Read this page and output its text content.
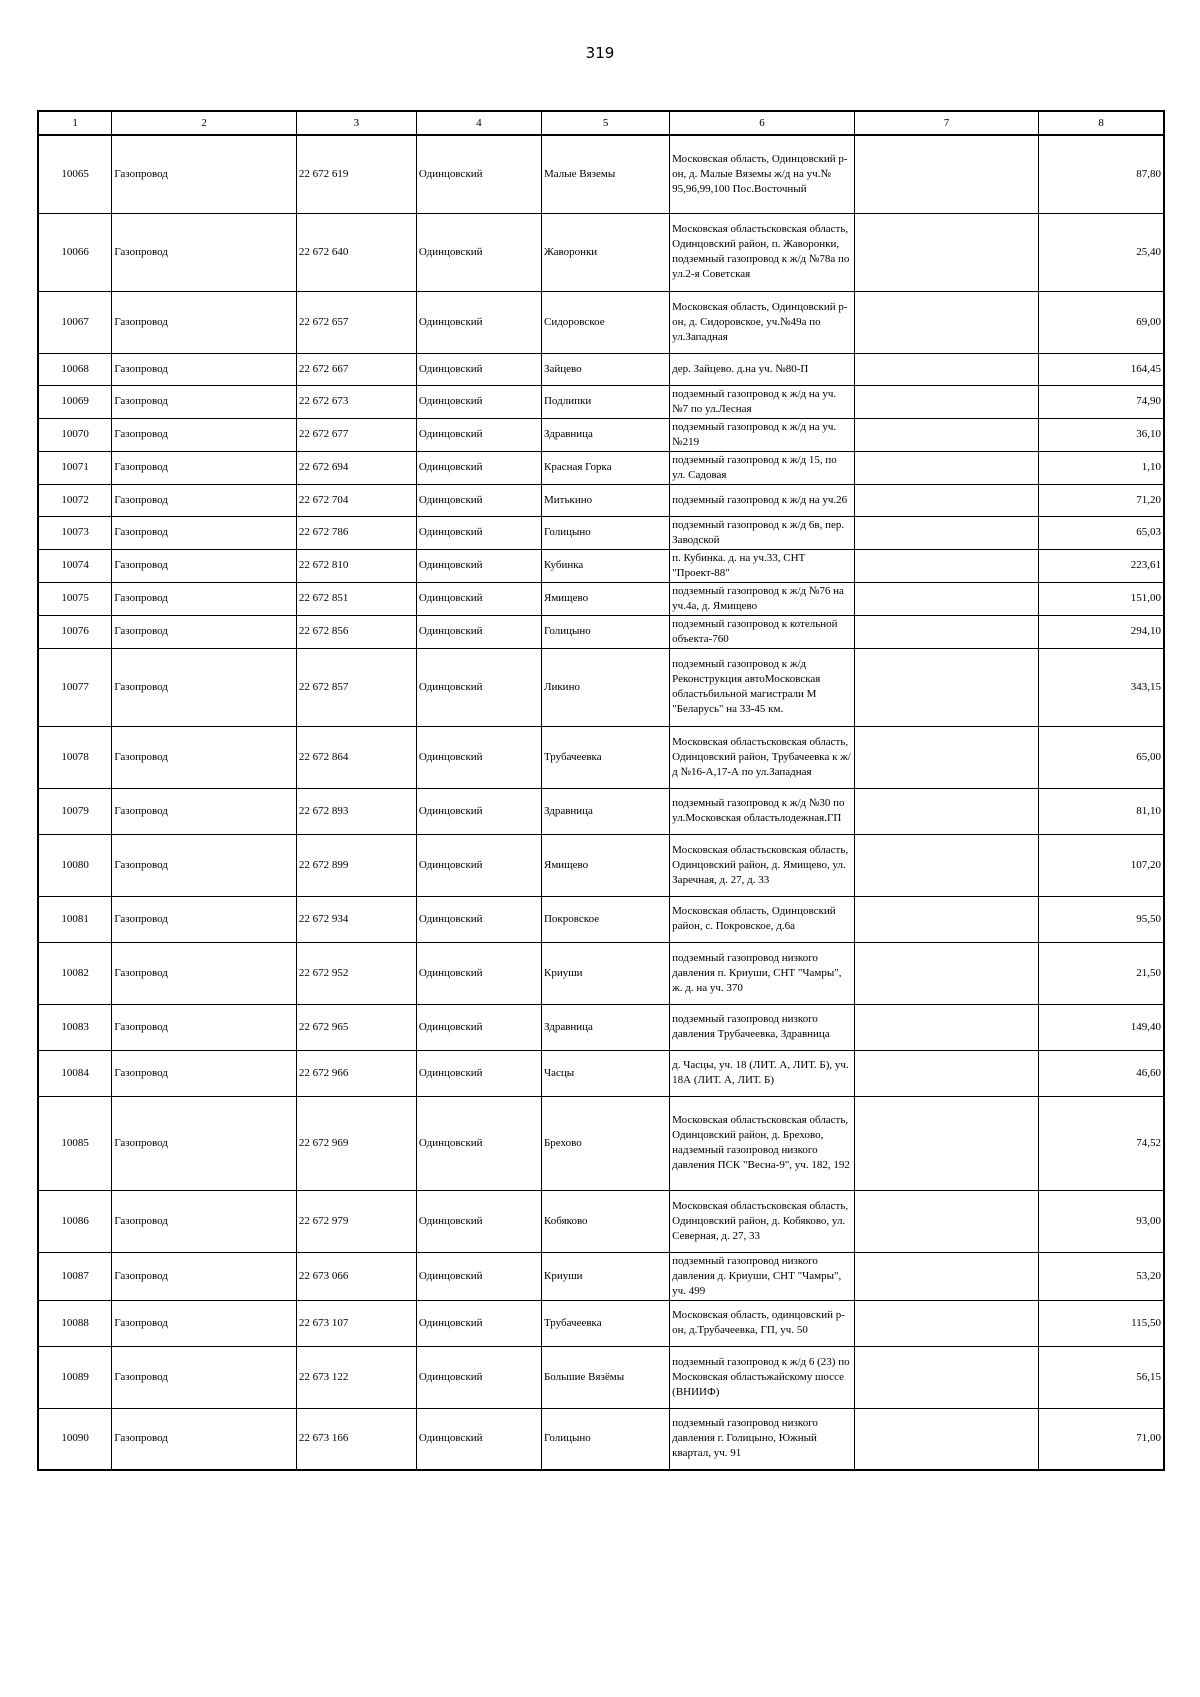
319
1	2	3	4	5	6	7	8
10065	Газопровод	22 672 619	Одинцовский	Малые Вяземы	Московская область, Одинцовский р-он, д. Малые Вяземы ж/д на уч.№ 95,96,99,100 Пос.Восточный		87,80
10066	Газопровод	22 672 640	Одинцовский	Жаворонки	Московская областьсковская область, Одинцовский район, п. Жаворонки, подземный газопровод к ж/д №78а по ул.2-я Советская		25,40
10067	Газопровод	22 672 657	Одинцовский	Сидоровское	Московская область, Одинцовский р-он, д. Сидоровское, уч.№49а по ул.Западная		69,00
10068	Газопровод	22 672 667	Одинцовский	Зайцево	дер. Зайцево. д.на уч. №80-П		164,45
10069	Газопровод	22 672 673	Одинцовский	Подлипки	подземный газопровод к ж/д на уч.№7 по ул.Лесная		74,90
10070	Газопровод	22 672 677	Одинцовский	Здравница	подземный газопровод к ж/д на уч.№219		36,10
10071	Газопровод	22 672 694	Одинцовский	Красная Горка	подземный газопровод к ж/д 15, по ул. Садовая		1,10
10072	Газопровод	22 672 704	Одинцовский	Митькино	подземный газопровод к ж/д на уч.26		71,20
10073	Газопровод	22 672 786	Одинцовский	Голицыно	подземный газопровод к ж/д 6в, пер. Заводской		65,03
10074	Газопровод	22 672 810	Одинцовский	Кубинка	п. Кубинка. д. на уч.33, СНТ "Проект-88"		223,61
10075	Газопровод	22 672 851	Одинцовский	Ямищево	подземный газопровод к ж/д №76 на уч.4а, д. Ямищево		151,00
10076	Газопровод	22 672 856	Одинцовский	Голицыно	подземный газопровод к котельной объекта-760		294,10
10077	Газопровод	22 672 857	Одинцовский	Ликино	подземный газопровод к ж/д Реконструкция автоМосковская областьбильной магистрали М "Беларусь" на 33-45 км.		343,15
10078	Газопровод	22 672 864	Одинцовский	Трубачеевка	Московская областьсковская область, Одинцовский район, Трубачеевка к ж/д №16-А,17-А по ул.Западная		65,00
10079	Газопровод	22 672 893	Одинцовский	Здравница	подземный газопровод к ж/д №30 по ул.Московская областьлодежная.ГП		81,10
10080	Газопровод	22 672 899	Одинцовский	Ямищево	Московская областьсковская область, Одинцовский район, д. Ямищево, ул. Заречная, д. 27, д. 33		107,20
10081	Газопровод	22 672 934	Одинцовский	Покровское	Московская область, Одинцовский район, с. Покровское, д.6а		95,50
10082	Газопровод	22 672 952	Одинцовский	Криуши	подземный газопровод низкого давления п. Криуши, СНТ "Чамры", ж. д. на уч. 370		21,50
10083	Газопровод	22 672 965	Одинцовский	Здравница	подземный газопровод низкого давления Трубачеевка, Здравница		149,40
10084	Газопровод	22 672 966	Одинцовский	Часцы	д. Часцы, уч. 18 (ЛИТ. А, ЛИТ. Б), уч. 18А (ЛИТ. А, ЛИТ. Б)		46,60
10085	Газопровод	22 672 969	Одинцовский	Брехово	Московская областьсковская область, Одинцовский район, д. Брехово, надземный газопровод низкого давления ПСК "Весна-9", уч. 182, 192		74,52
10086	Газопровод	22 672 979	Одинцовский	Кобяково	Московская областьсковская область, Одинцовский район, д. Кобяково, ул. Северная, д. 27, 33		93,00
10087	Газопровод	22 673 066	Одинцовский	Криуши	подземный газопровод низкого давления д. Криуши, СНТ "Чамры", уч. 499		53,20
10088	Газопровод	22 673 107	Одинцовский	Трубачеевка	Московская область, одинцовский р-он, д.Трубачеевка, ГП, уч. 50		115,50
10089	Газопровод	22 673 122	Одинцовский	Большие Вязёмы	подземный газопровод к ж/д 6 (23) по Московская областьжайскому шоссе (ВНИИФ)		56,15
10090	Газопровод	22 673 166	Одинцовский	Голицыно	подземный газопровод низкого давления г. Голицыно, Южный квартал, уч. 91		71,00
